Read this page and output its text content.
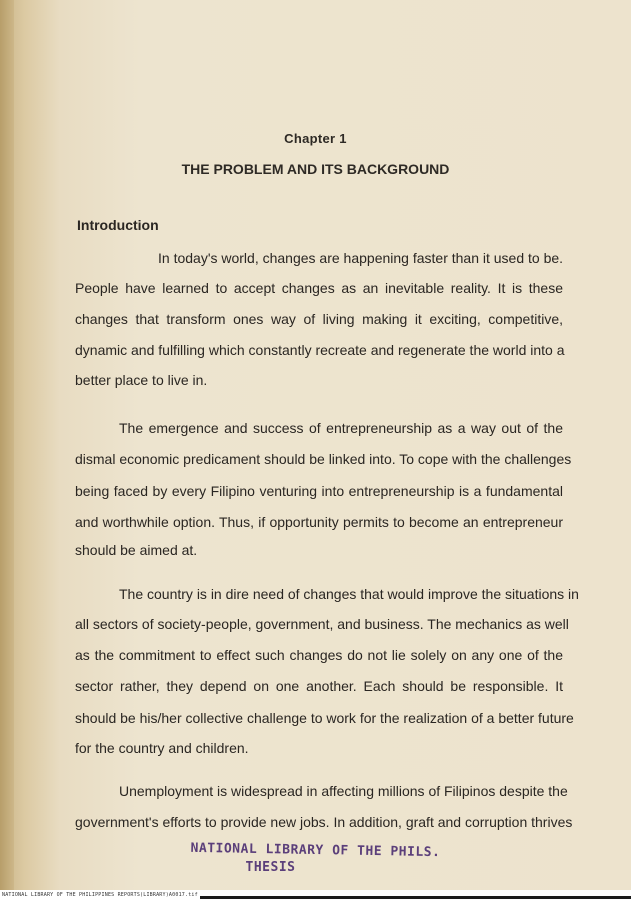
Chapter 1
THE PROBLEM AND ITS BACKGROUND
Introduction
In today's world, changes are happening faster than it used to be.
People have learned to accept changes as an inevitable reality. It is these
changes that transform ones way of living making it exciting, competitive,
dynamic and fulfilling which constantly recreate and regenerate the world into a
better place to live in.
The emergence and success of entrepreneurship as a way out of the
dismal economic predicament should be linked into. To cope with the challenges
being faced by every Filipino venturing into entrepreneurship is a fundamental
and worthwhile option. Thus, if opportunity permits to become an entrepreneur
should be aimed at.
The country is in dire need of changes that would improve the situations in
all sectors of society-people, government, and business. The mechanics as well
as the commitment to effect such changes do not lie solely on any one of the
sector rather, they depend on one another. Each should be responsible. It
should be his/her collective challenge to work for the realization of a better future
for the country and children.
Unemployment is widespread in affecting millions of Filipinos despite the
government's efforts to provide new jobs. In addition, graft and corruption thrives
NATIONAL LIBRARY OF THE PHILS.
THESIS
NATIONAL LIBRARY OF THE PHILIPPINES REPORTS(LIBRARY)A0017.tif
